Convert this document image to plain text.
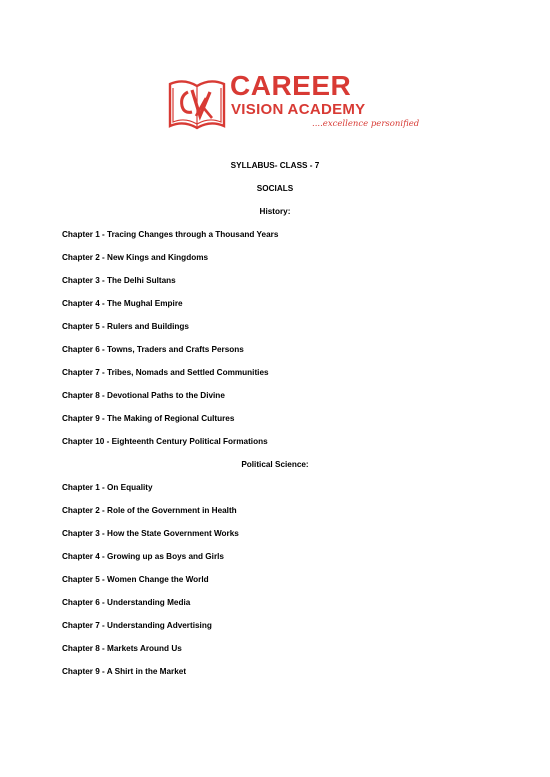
CAREER
VISION ACADEMY
....excellence personified
SYLLABUS- CLASS - 7
SOCIALS
History:
Chapter 1 - Tracing Changes through a Thousand Years
Chapter 2 - New Kings and Kingdoms
Chapter 3 - The Delhi Sultans
Chapter 4 - The Mughal Empire
Chapter 5 - Rulers and Buildings
Chapter 6 - Towns, Traders and Crafts Persons
Chapter 7 - Tribes, Nomads and Settled Communities
Chapter 8 - Devotional Paths to the Divine
Chapter 9 - The Making of Regional Cultures
Chapter 10 - Eighteenth Century Political Formations
Political Science:
Chapter 1 - On Equality
Chapter 2 - Role of the Government in Health
Chapter 3 - How the State Government Works
Chapter 4 - Growing up as Boys and Girls
Chapter 5 - Women Change the World
Chapter 6 - Understanding Media
Chapter 7 - Understanding Advertising
Chapter 8 - Markets Around Us
Chapter 9 - A Shirt in the Market
